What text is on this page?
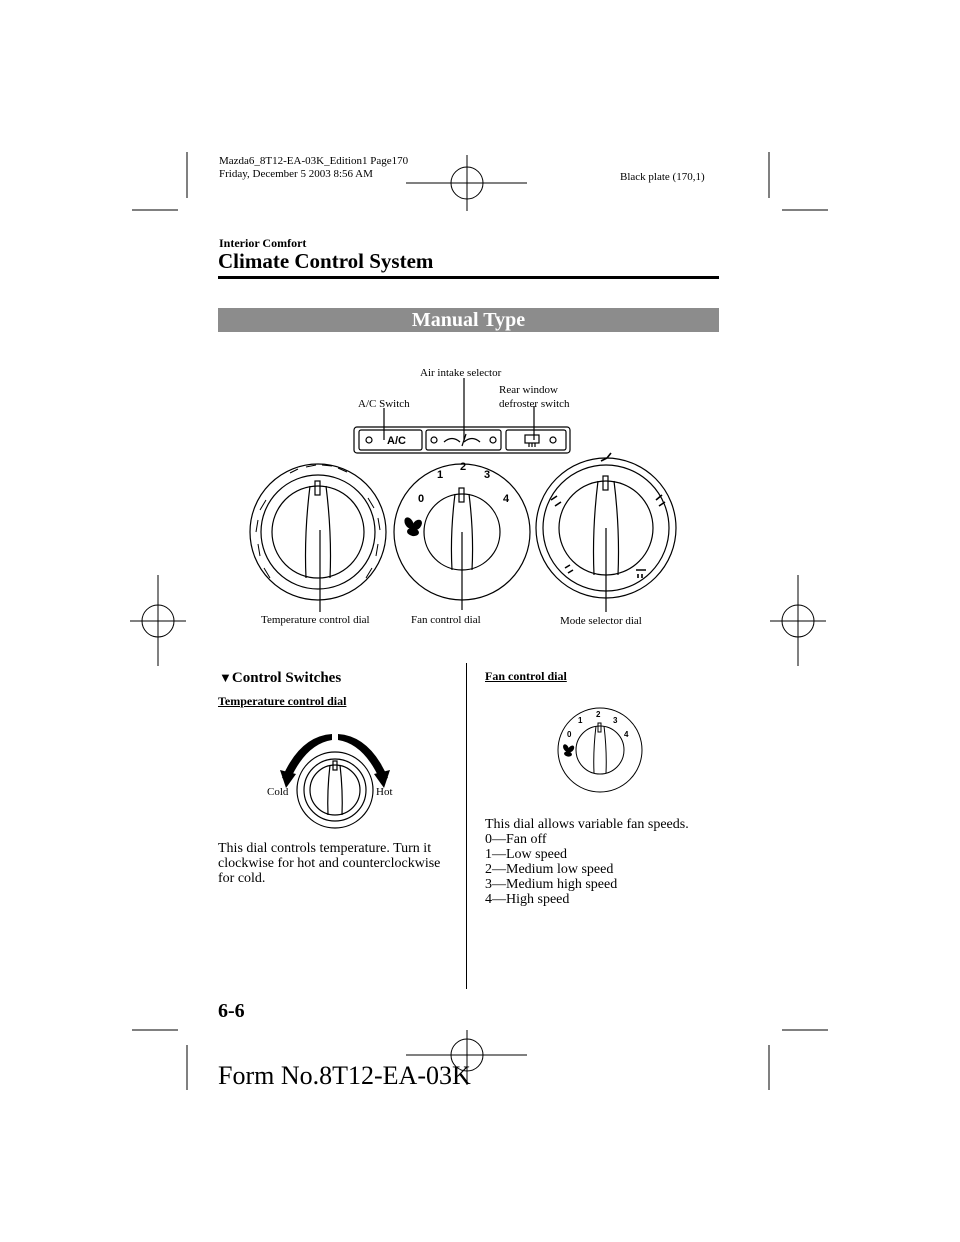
Mazda6_8T12-EA-03K_Edition1 Page170
Friday, December 5 2003 8:56 AM	Black plate (170,1)
Interior Comfort
Climate Control System
Manual Type
A/C
0
1
2
3
4
Air intake selector
Rear window
defroster switch
A/C Switch
Temperature control dial	Fan control dial	Mode selector dial
▼Control Switches
Temperature control dial
Cold	Hot
This dial controls temperature. Turn it
clockwise for hot and counterclockwise
for cold.
Fan control dial
0
1
2
3
4
This dial allows variable fan speeds.
0—Fan off
1—Low speed
2—Medium low speed
3—Medium high speed
4—High speed
6-6
Form No.8T12-EA-03K
